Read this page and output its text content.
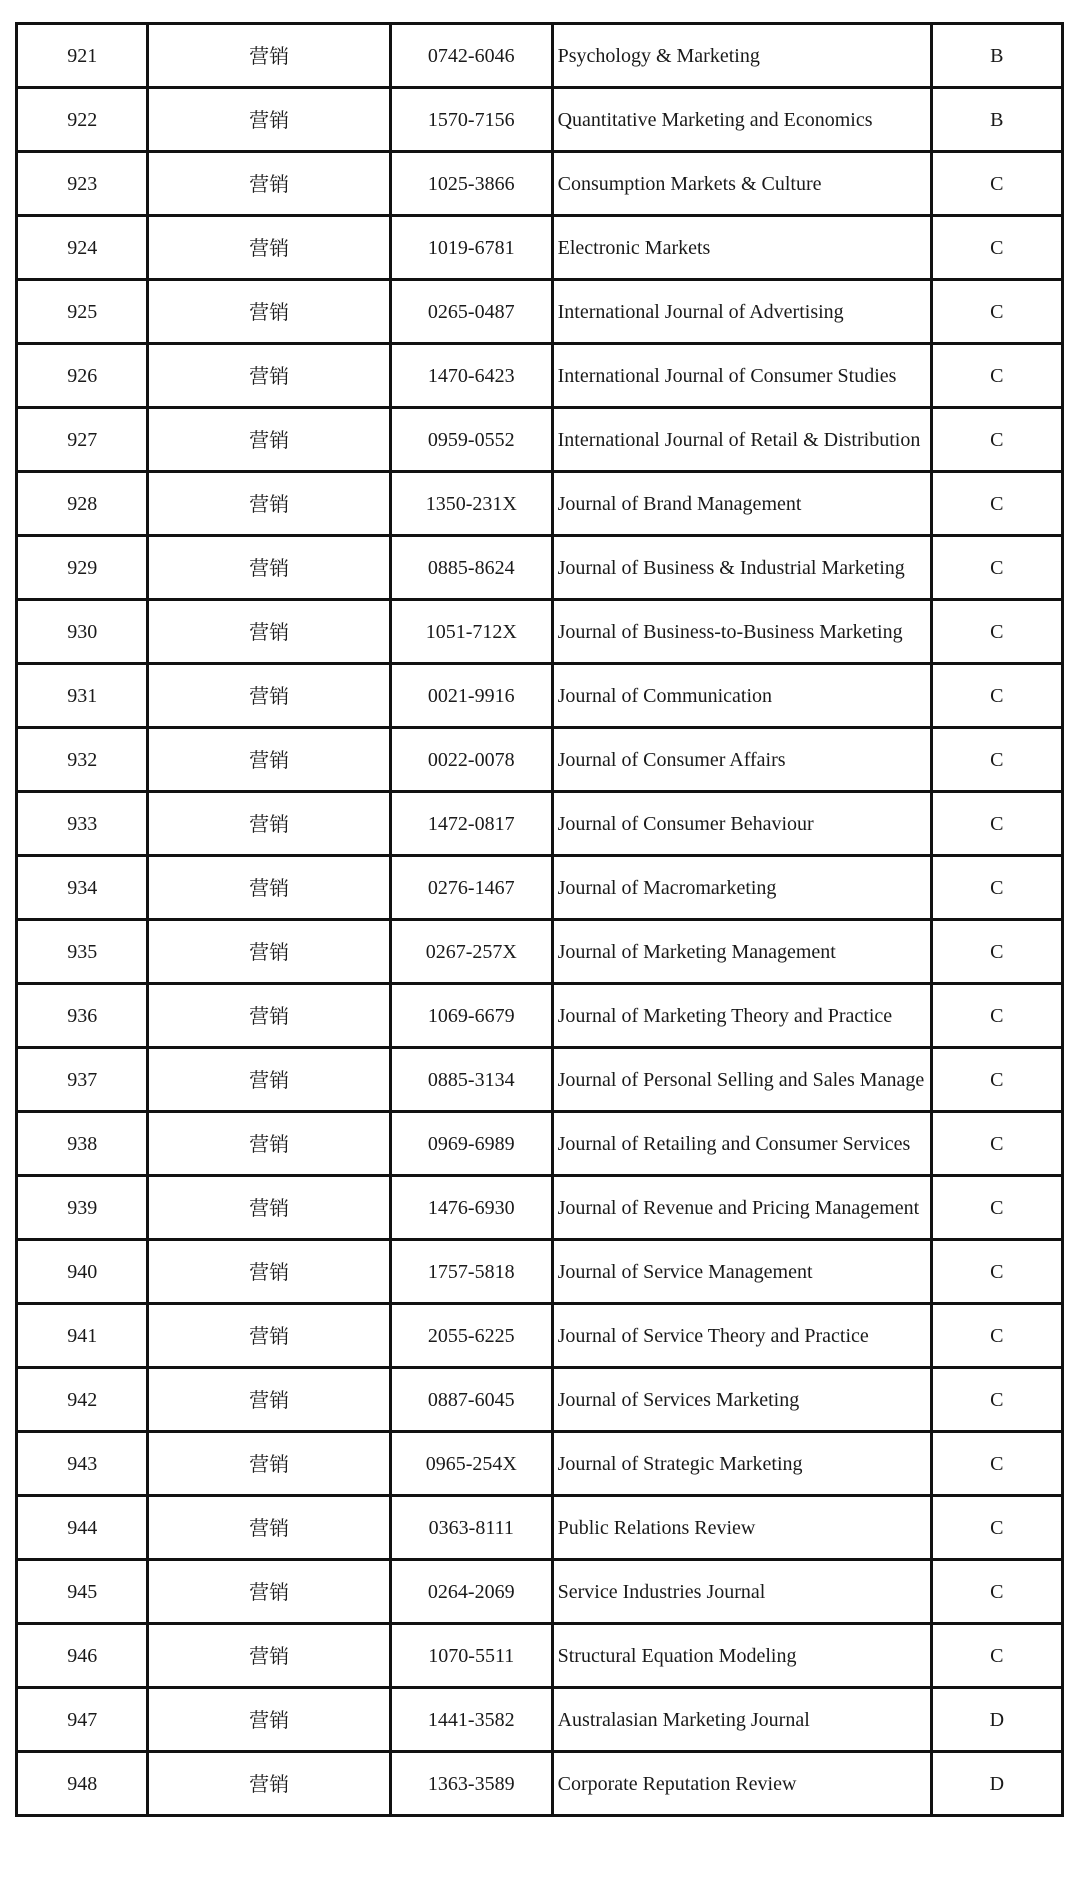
921	营销	0742-6046	Psychology & Marketing	B
922	营销	1570-7156	Quantitative Marketing and Economics	B
923	营销	1025-3866	Consumption Markets & Culture	C
924	营销	1019-6781	Electronic Markets	C
925	营销	0265-0487	International Journal of Advertising	C
926	营销	1470-6423	International Journal of Consumer Studies	C
927	营销	0959-0552	International Journal of Retail & Distribution	C
928	营销	1350-231X	Journal of Brand Management	C
929	营销	0885-8624	Journal of Business & Industrial Marketing	C
930	营销	1051-712X	Journal of Business-to-Business Marketing	C
931	营销	0021-9916	Journal of Communication	C
932	营销	0022-0078	Journal of Consumer Affairs	C
933	营销	1472-0817	Journal of Consumer Behaviour	C
934	营销	0276-1467	Journal of Macromarketing	C
935	营销	0267-257X	Journal of Marketing Management	C
936	营销	1069-6679	Journal of Marketing Theory and Practice	C
937	营销	0885-3134	Journal of Personal Selling and Sales Manage	C
938	营销	0969-6989	Journal of Retailing and Consumer Services	C
939	营销	1476-6930	Journal of Revenue and Pricing Management	C
940	营销	1757-5818	Journal of Service Management	C
941	营销	2055-6225	Journal of Service Theory and Practice	C
942	营销	0887-6045	Journal of Services Marketing	C
943	营销	0965-254X	Journal of Strategic Marketing	C
944	营销	0363-8111	Public Relations Review	C
945	营销	0264-2069	Service Industries Journal	C
946	营销	1070-5511	Structural Equation Modeling	C
947	营销	1441-3582	Australasian Marketing Journal	D
948	营销	1363-3589	Corporate Reputation Review	D
